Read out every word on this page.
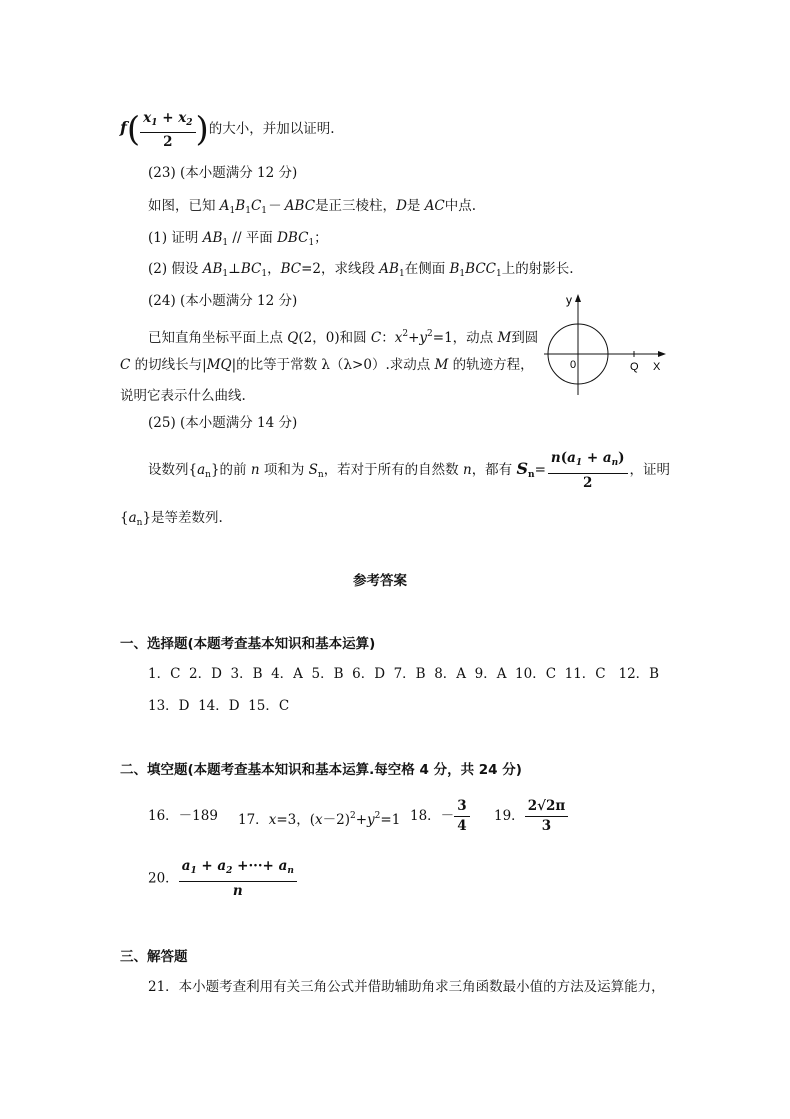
$f( \frac{x_1 + x_2}{2}$ )的大小，并加以证明.
(23) (本小题满分 12 分)
如图，已知 $A_1B_1C_1-$ ABC是正三棱柱，D是 AC中点.
(1) 证明 $AB_1$ // 平面 $DBC_1$；
(2) 假设 $AB_1\perp BC_1$，BC=2，求线段 $AB_1$在侧面 $B_1BCC_1$上的射影长.
(24) (本小题满分 12 分)
已知直角坐标平面上点 Q(2，0)和圆 C：$x^2+y^2=1$，动点 M到圆
C 的切线长与|MQ|的比等于常数 λ（λ>0）.求动点 M 的轨迹方程，
说明它表示什么曲线.
y
0	Q X
(25) (本小题满分 14 分)
设数列$\{a_n\}$的前 n 项和为 $S_n$，若对于所有的自然数 n，都有 $S_n= \frac{n(a_1 + a_n)}{2}$ ，证明
$\{a_n\}$是等差数列.
参考答案
一、选择题(本题考查基本知识和基本运算)
1．C  2．D  3．B  4．A  5．B  6．D  7．B  8．A  9．A  10．C  11．C   12．B
13．D  14．D  15．C
二、填空题(本题考查基本知识和基本运算.每空格 4 分，共 24 分)
16．－189 17．x=3，$(x-2)^2+y^2=1$ 18．－ $\frac{3}{4} 19$． $\frac{2√2\pi}{3}$
20． $\frac{a_1 + a_2 +\cdot\cdot\cdot+ a_n}{n}$
三、解答题
21．本小题考查利用有关三角公式并借助辅助角求三角函数最小值的方法及运算能力，
